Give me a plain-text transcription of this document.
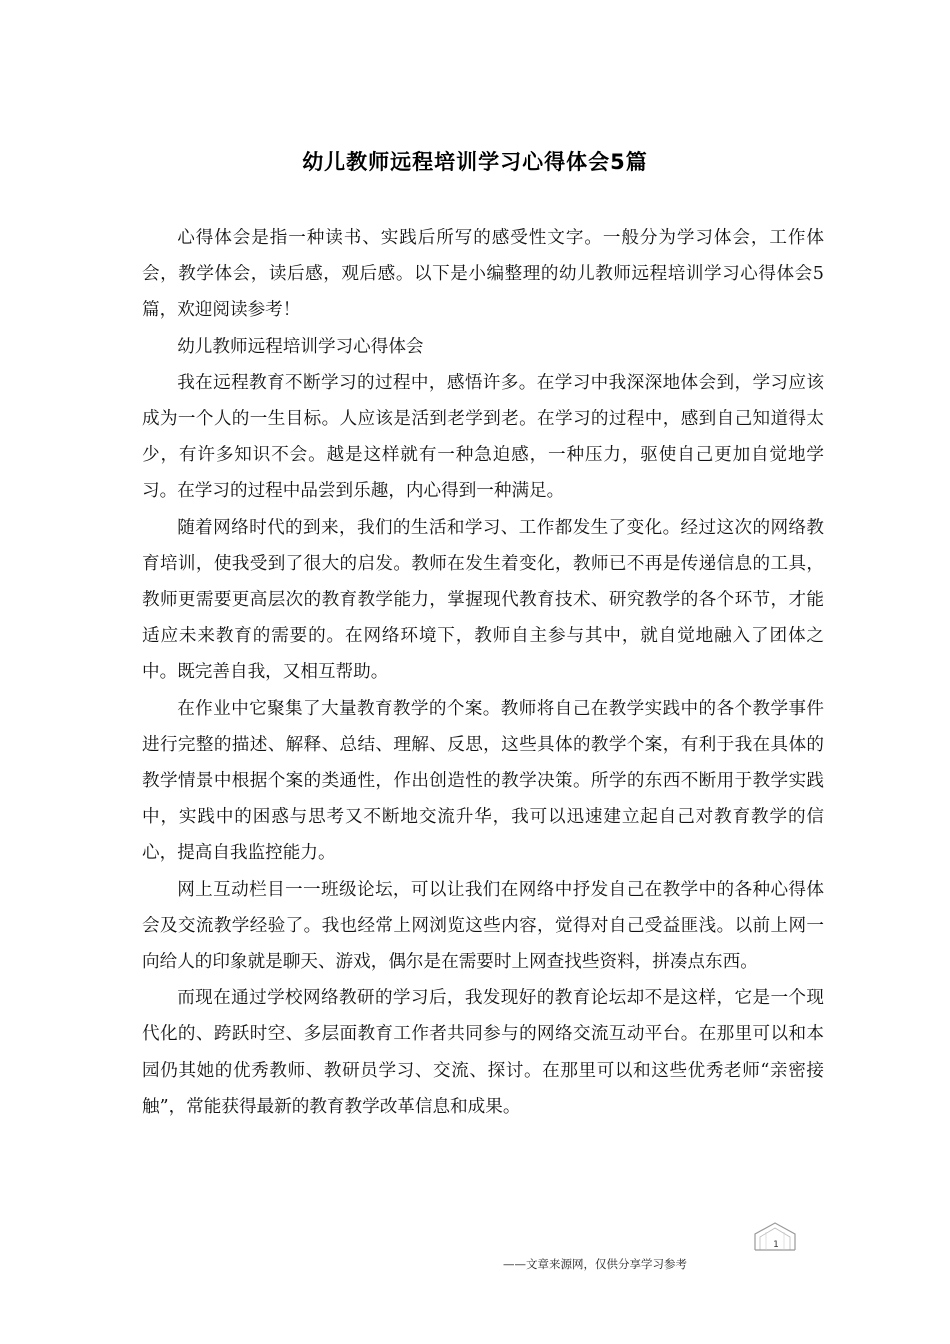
幼儿教师远程培训学习心得体会5篇

心得体会是指一种读书、实践后所写的感受性文字。一般分为学习体会，工作体会，教学体会，读后感，观后感。以下是小编整理的幼儿教师远程培训学习心得体会5篇，欢迎阅读参考！

幼儿教师远程培训学习心得体会

我在远程教育不断学习的过程中，感悟许多。在学习中我深深地体会到，学习应该成为一个人的一生目标。人应该是活到老学到老。在学习的过程中，感到自己知道得太少，有许多知识不会。越是这样就有一种急迫感，一种压力，驱使自己更加自觉地学习。在学习的过程中品尝到乐趣，内心得到一种满足。

随着网络时代的到来，我们的生活和学习、工作都发生了变化。经过这次的网络教育培训，使我受到了很大的启发。教师在发生着变化，教师已不再是传递信息的工具，教师更需要更高层次的教育教学能力，掌握现代教育技术、研究教学的各个环节，才能适应未来教育的需要的。在网络环境下，教师自主参与其中，就自觉地融入了团体之中。既完善自我，又相互帮助。

在作业中它聚集了大量教育教学的个案。教师将自己在教学实践中的各个教学事件进行完整的描述、解释、总结、理解、反思，这些具体的教学个案，有利于我在具体的教学情景中根据个案的类通性，作出创造性的教学决策。所学的东西不断用于教学实践中，实践中的困惑与思考又不断地交流升华，我可以迅速建立起自己对教育教学的信心，提高自我监控能力。

网上互动栏目一一班级论坛，可以让我们在网络中抒发自己在教学中的各种心得体会及交流教学经验了。我也经常上网浏览这些内容，觉得对自己受益匪浅。以前上网一向给人的印象就是聊天、游戏，偶尔是在需要时上网查找些资料，拼凑点东西。

而现在通过学校网络教研的学习后，我发现好的教育论坛却不是这样，它是一个现代化的、跨跃时空、多层面教育工作者共同参与的网络交流互动平台。在那里可以和本园仍其她的优秀教师、教研员学习、交流、探讨。在那里可以和这些优秀老师“亲密接触”，常能获得最新的教育教学改革信息和成果。

1
——文章来源网，仅供分享学习参考
